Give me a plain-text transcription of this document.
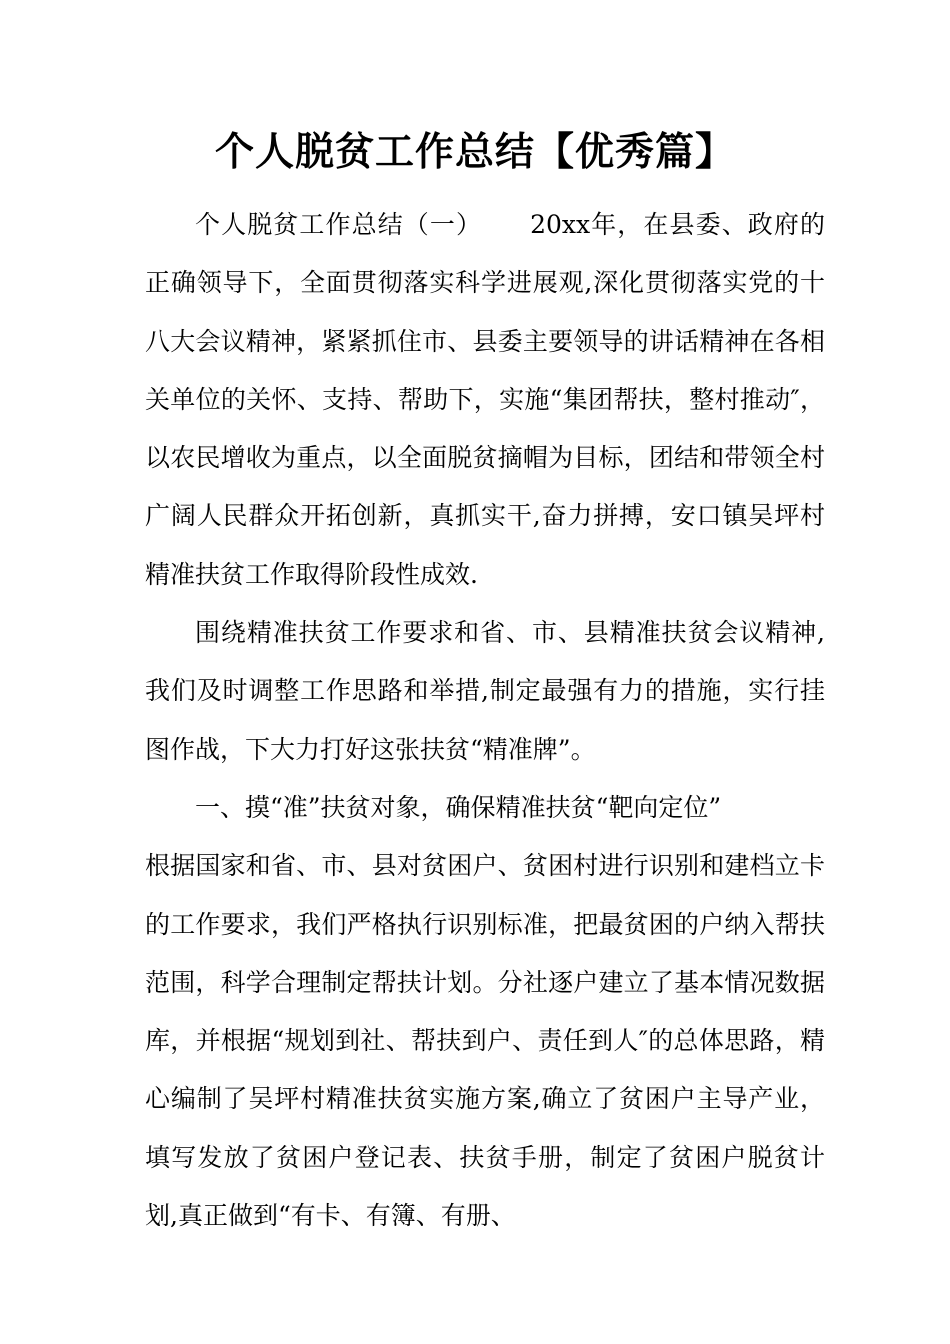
个人脱贫工作总结【优秀篇】

个人脱贫工作总结（一） 20xx年，在县委、政府的正确领导下，全面贯彻落实科学进展观,深化贯彻落实党的十八大会议精神，紧紧抓住市、县委主要领导的讲话精神在各相关单位的关怀、支持、帮助下，实施“集团帮扶，整村推动″，以农民增收为重点，以全面脱贫摘帽为目标，团结和带领全村广阔人民群众开拓创新，真抓实干,奋力拼搏，安口镇吴坪村精准扶贫工作取得阶段性成效.

围绕精准扶贫工作要求和省、市、县精准扶贫会议精神,我们及时调整工作思路和举措,制定最强有力的措施，实行挂图作战，下大力打好这张扶贫“精准牌”。

一、摸“准”扶贫对象，确保精准扶贫“靶向定位”

根据国家和省、市、县对贫困户、贫困村进行识别和建档立卡的工作要求，我们严格执行识别标准，把最贫困的户纳入帮扶范围，科学合理制定帮扶计划。分社逐户建立了基本情况数据库，并根据“规划到社、帮扶到户、责任到人″的总体思路，精心编制了吴坪村精准扶贫实施方案,确立了贫困户主导产业，填写发放了贫困户登记表、扶贫手册，制定了贫困户脱贫计划,真正做到“有卡、有簿、有册、
